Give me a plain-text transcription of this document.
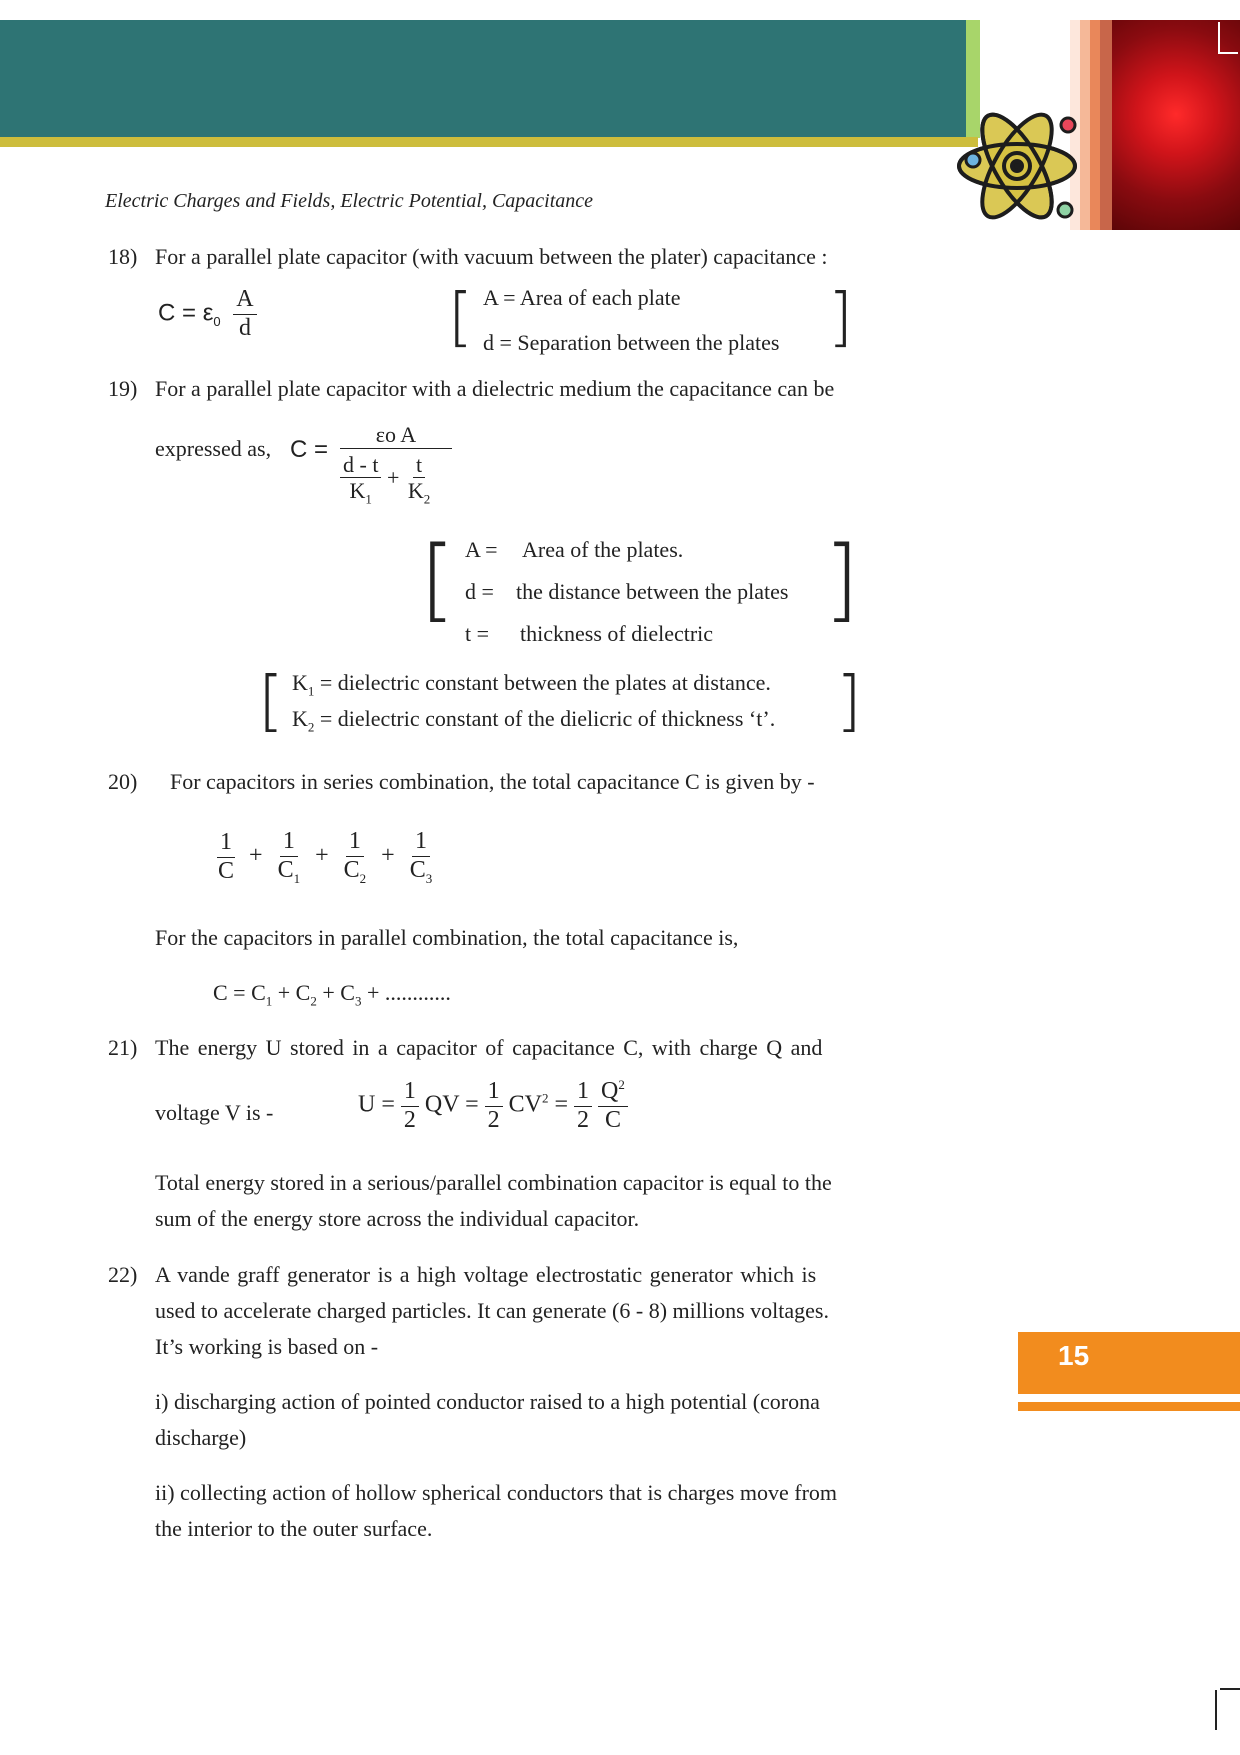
Electric Charges and Fields, Electric Potential, Capacitance
18) For a parallel plate capacitor (with vacuum between the plater) capacitance :
$C = \varepsilon_0 \frac{A}{d}$	[ A = Area of each plate
d = Separation between the plates ]
19) For a parallel plate capacitor with a dielectric medium the capacitance can be
expressed as, C =
εo A
$\frac{d - t}{K_1} + \frac{t}{K_2}$
[ A = Area of the plates.
d = the distance between the plates
t = thickness of dielectric
]
[ $K_1$ = dielectric constant between the plates at distance.
$K_2$ = dielectric constant of the dielicric of thickness ‘t’. ]
20) For capacitors in series combination, the total capacitance C is given by -
$\frac{1}{C} + \frac{1}{C_1} + \frac{1}{C_2} + \frac{1}{C_3}$
For the capacitors in parallel combination, the total capacitance is,
$C = C_1 + C_2 + C_3$ + ............
21) The energy U stored in a capacitor of capacitance C, with charge Q and
voltage V is -	$U = \frac{1}{2}$ QV = $\frac{1}{2} CV^2 = \frac{1}{2}$
$\frac{Q^2}{C}$
Total energy stored in a serious/parallel combination capacitor is equal to the
sum of the energy store across the individual capacitor.
22) A vande graff generator is a high voltage electrostatic generator which is
used to accelerate charged particles. It can generate (6 - 8) millions voltages.
It’s working is based on -
i) discharging action of pointed conductor raised to a high potential (corona
discharge)
ii) collecting action of hollow spherical conductors that is charges move from
the interior to the outer surface.
15
